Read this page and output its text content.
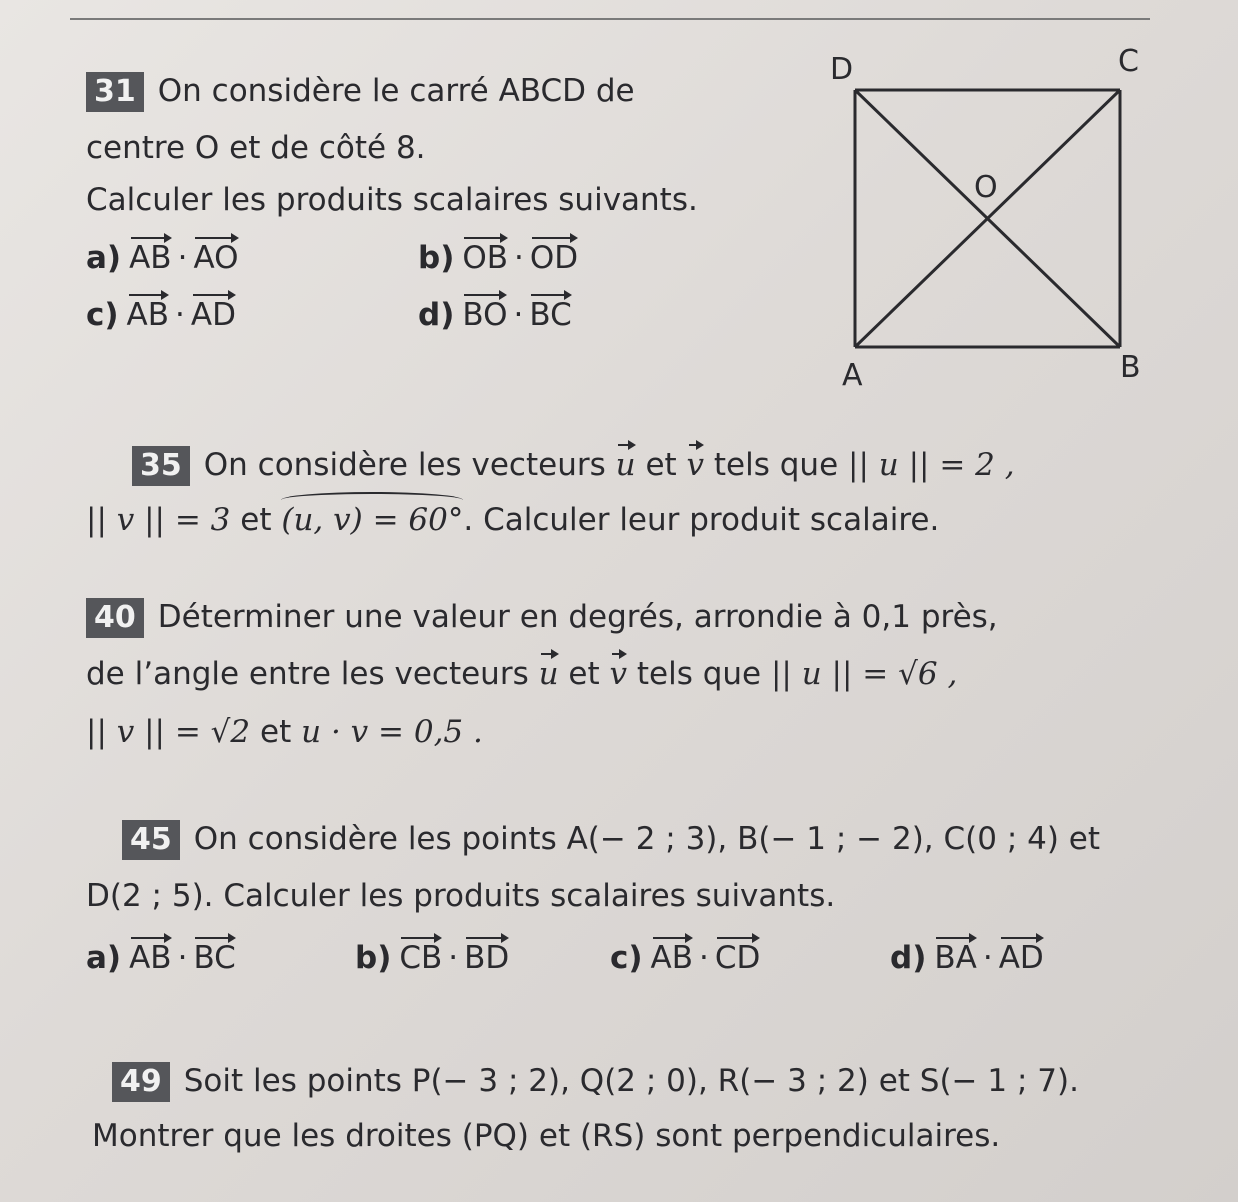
31 On considère le carré ABCD de
centre O et de côté 8.
Calculer les produits scalaires suivants.
a) AB · AO	b) OB · OD
c) AB · AD	d) BO · BC
D	C
O
A	B
35 On considère les vecteurs u et v tels que || u || = 2 ,
|| v || = 3 et (u, v) = 60°. Calculer leur produit scalaire.
40 Déterminer une valeur en degrés, arrondie à 0,1 près,
de l’angle entre les vecteurs u et v tels que || u || = √6 ,
|| v || = √2 et u · v = 0,5 .
45 On considère les points A(− 2 ; 3), B(− 1 ; − 2), C(0 ; 4) et
D(2 ; 5). Calculer les produits scalaires suivants.
a) AB · BC	b) CB · BD	c) AB · CD	d) BA · AD
49 Soit les points P(− 3 ; 2), Q(2 ; 0), R(− 3 ; 2) et S(− 1 ; 7).
Montrer que les droites (PQ) et (RS) sont perpendiculaires.
